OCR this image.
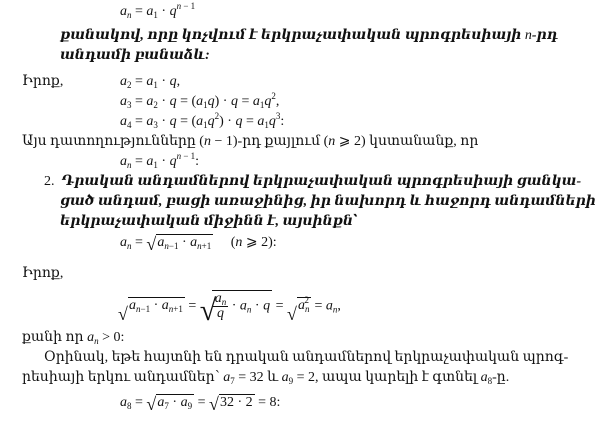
$a_n = a_1 \cdot q^{n - 1}$
քանակով, որը կոչվում է երկրաչափական պրոգրեսիայի n-րդ
անդամի բանաձև:
Իրոք,	$a_2 = a_1 \cdot q$,
$a_3 = a_2 \cdot q = (a_1q) \cdot q = a_1q^2$,
$a_4 = a_3 \cdot q = (a_1q^2) \cdot q = a_1q^3$:
Այս դատողությունները (n − 1)-րդ քայլում (n ⩾ 2) կստանանք, որ
$a_n = a_1 \cdot q^{n - 1}$:
2.  Դրական անդամներով երկրաչափական պրոգրեսիայի ցանկա-
ցած անդամ, բացի առաջինից, իր նախորդ և հաջորդ անդամների
երկրաչափական միջինն է, այսինքն՝
$a_n$ = √ $a_{n-1} \cdot a_{n+1}$     (n ⩾ 2):
Իրոք,
√ $a_{n-1} \cdot a_{n+1}$ = √
$\frac{a_n}{q} \cdot a_n \cdot q$ = √ $a_n^2 = a_n$,
քանի որ $a_n > 0$:
Օրինակ, եթե հայտնի են դրական անդամներով երկրաչափական պրոգ-
րեսիայի երկու անդամներ՝ $a_7 = 32$ և $a_9 = 2$, ապա կարելի է գտնել $a_8-ը$.
$a_8$ = √ $a_7 \cdot a_9$ = √ 32 · 2 = 8:
